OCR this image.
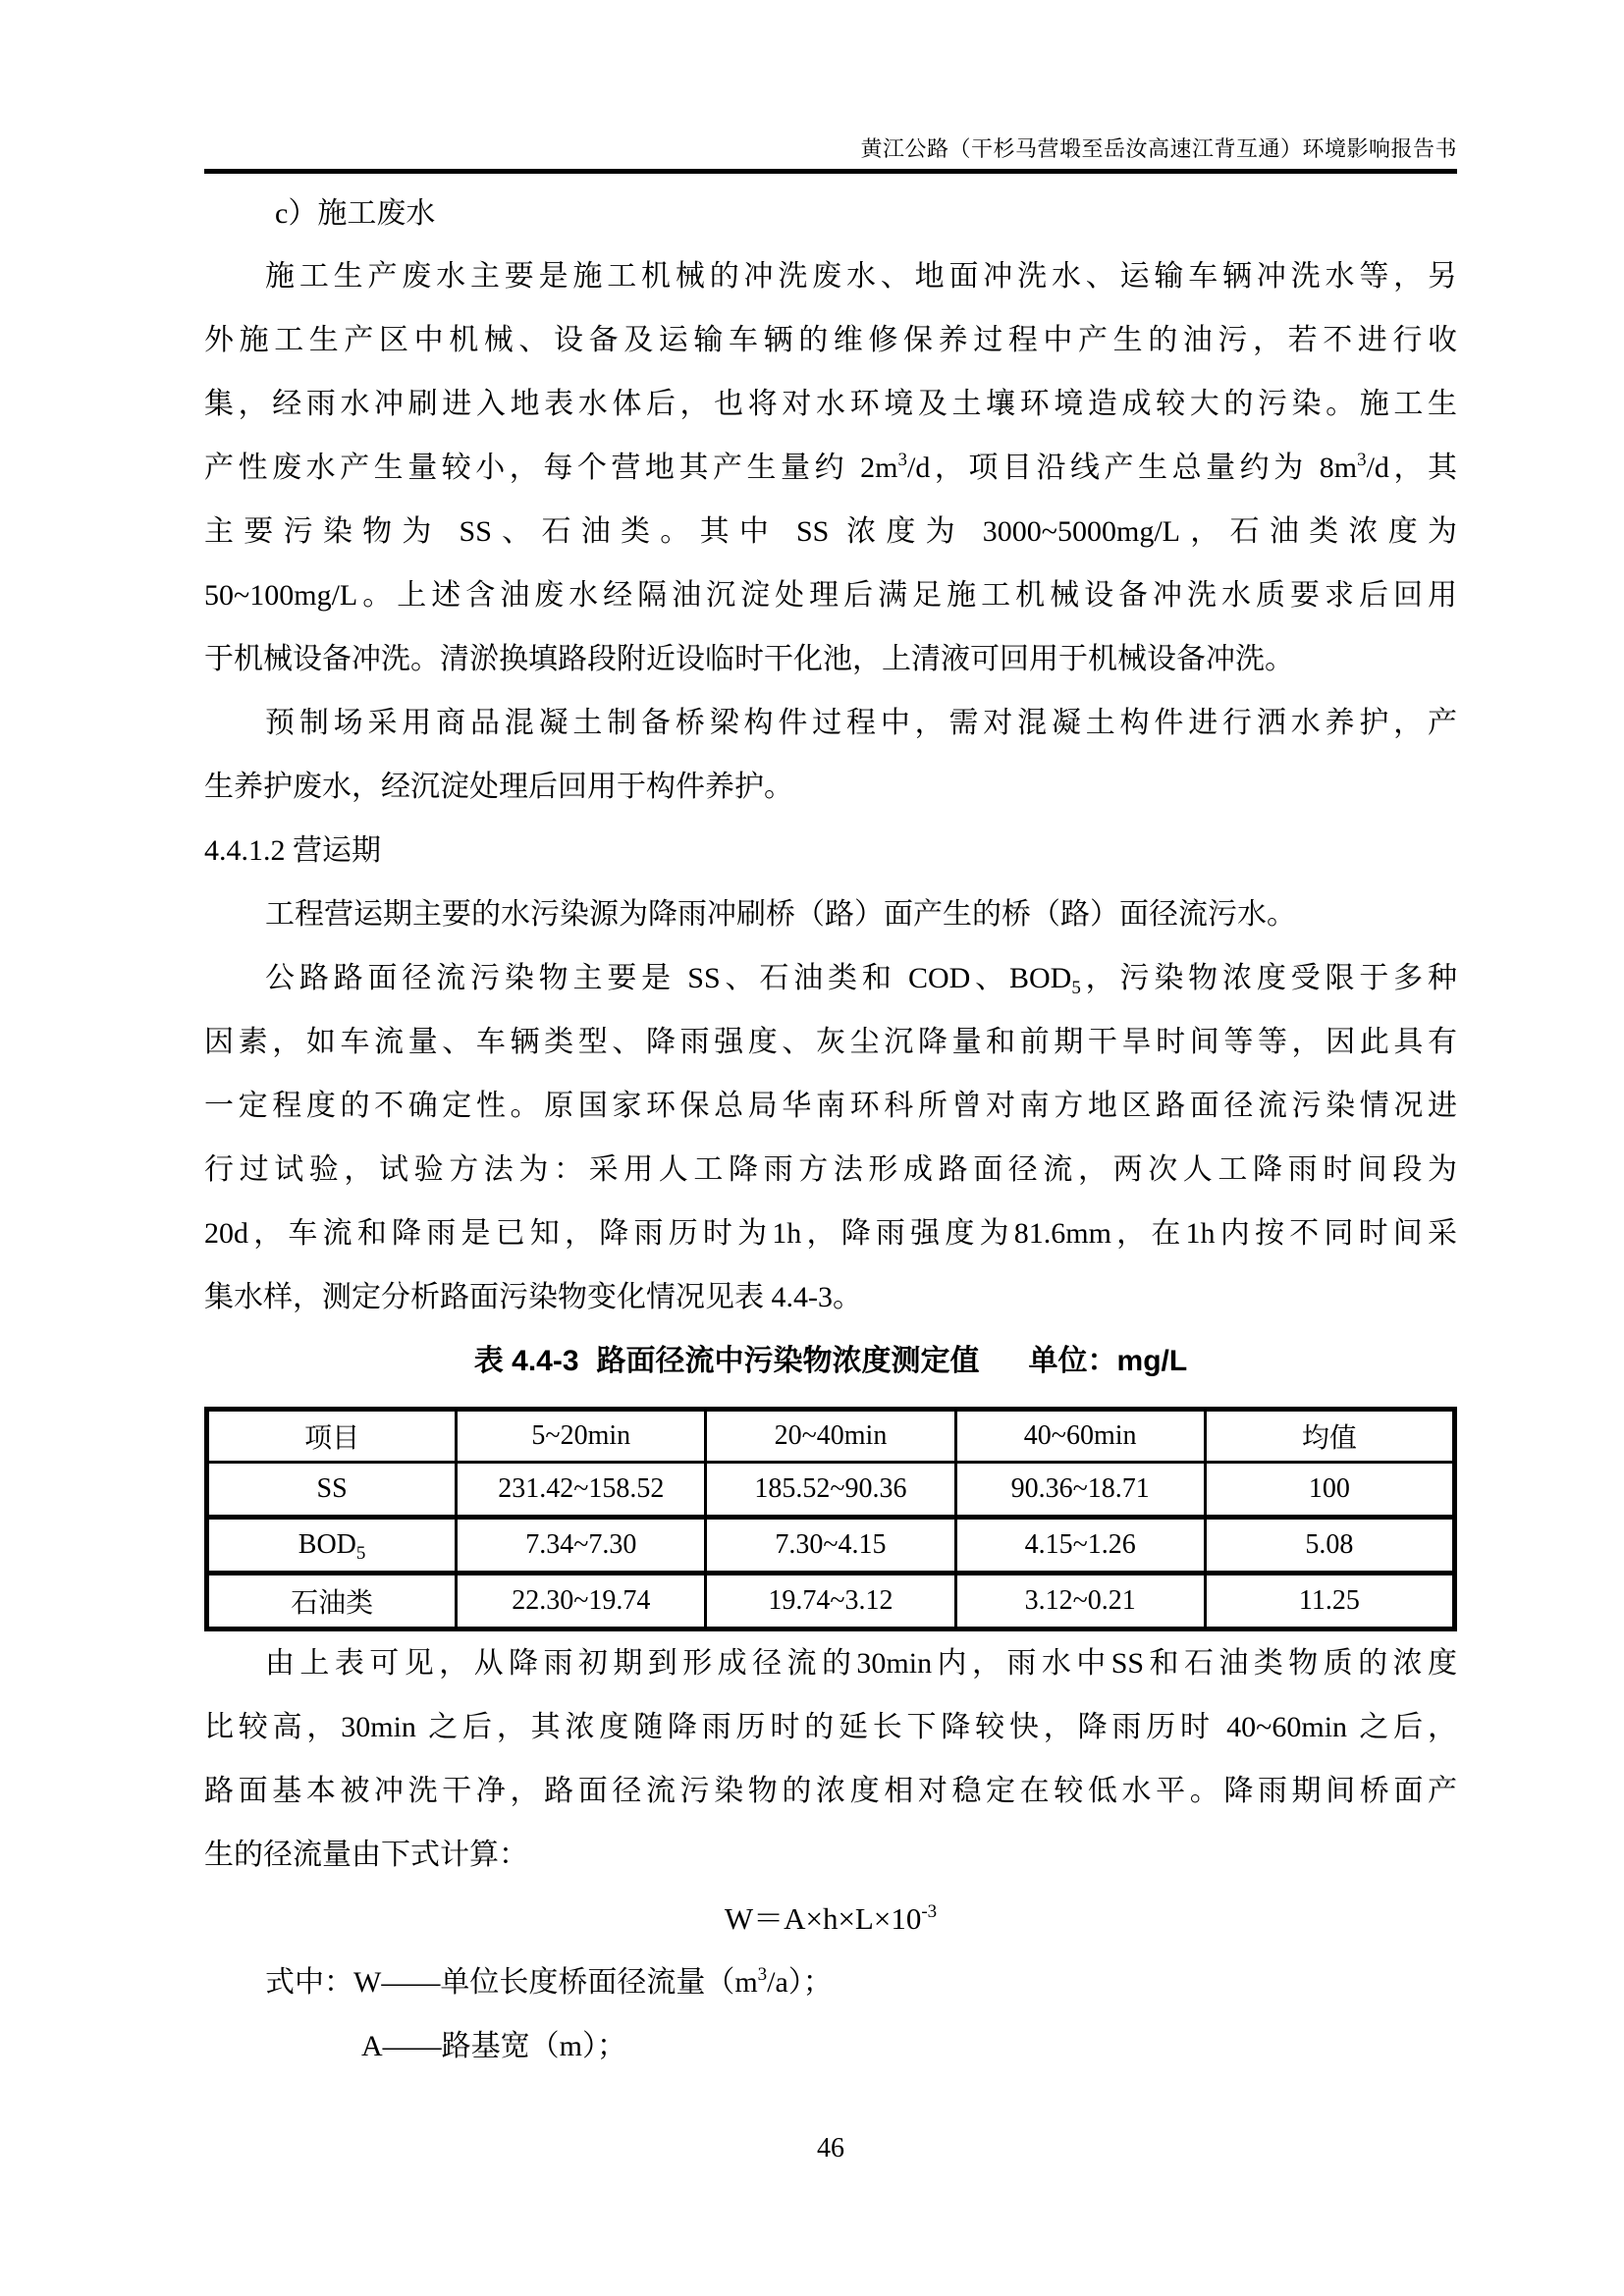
黄江公路（干杉马营塅至岳汝高速江背互通）环境影响报告书
c）施工废水
施工生产废水主要是施工机械的冲洗废水、地面冲洗水、运输车辆冲洗水等，另
外施工生产区中机械、设备及运输车辆的维修保养过程中产生的油污，若不进行收
集，经雨水冲刷进入地表水体后，也将对水环境及土壤环境造成较大的污染。施工生
产性废水产生量较小，每个营地其产生量约 $2m^3/d$，项目沿线产生总量约为 $8m^3/d$，其
主要污染物为 SS、石油类。其中 SS 浓度为 3000~5000mg/L，石油类浓度为
50~100mg/L。上述含油废水经隔油沉淀处理后满足施工机械设备冲洗水质要求后回用
于机械设备冲洗。清淤换填路段附近设临时干化池，上清液可回用于机械设备冲洗。
预制场采用商品混凝土制备桥梁构件过程中，需对混凝土构件进行洒水养护，产
生养护废水，经沉淀处理后回用于构件养护。
4.4.1.2 营运期
工程营运期主要的水污染源为降雨冲刷桥（路）面产生的桥（路）面径流污水。
公路路面径流污染物主要是 SS、石油类和 COD、$BOD_5$，污染物浓度受限于多种
因素，如车流量、车辆类型、降雨强度、灰尘沉降量和前期干旱时间等等，因此具有
一定程度的不确定性。原国家环保总局华南环科所曾对南方地区路面径流污染情况进
行过试验，试验方法为：采用人工降雨方法形成路面径流，两次人工降雨时间段为
20d，车流和降雨是已知，降雨历时为1h，降雨强度为81.6mm，在1h内按不同时间采
集水样，测定分析路面污染物变化情况见表 4.4-3。
表 4.4-3 路面径流中污染物浓度测定值 单位：mg/L
项目	5~20min	20~40min	40~60min	均值
SS	231.42~158.52	185.52~90.36	90.36~18.71	100
$BOD_5$	7.34~7.30	7.30~4.15	4.15~1.26	5.08
石油类	22.30~19.74	19.74~3.12	3.12~0.21	11.25
由上表可见，从降雨初期到形成径流的30min内，雨水中SS和石油类物质的浓度
比较高，30min 之后，其浓度随降雨历时的延长下降较快，降雨历时 40~60min 之后，
路面基本被冲洗干净，路面径流污染物的浓度相对稳定在较低水平。降雨期间桥面产
生的径流量由下式计算：
$W=A\times h\times L\times 10^{-3}$
式中：W——单位长度桥面径流量$(m^3/a)$；
A——路基宽（m）；
46
